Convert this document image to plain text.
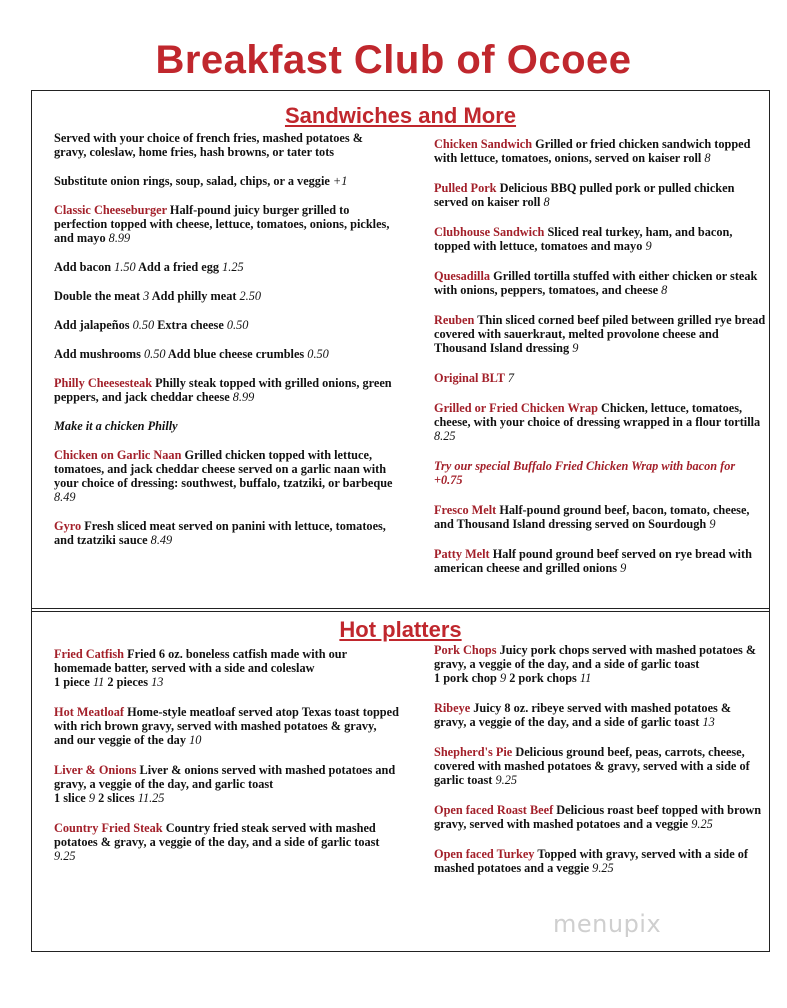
Breakfast Club of Ocoee
Sandwiches and More

Served with your choice of french fries, mashed potatoes & gravy, coleslaw, home fries, hash browns, or tater tots

Substitute onion rings, soup, salad, chips, or a veggie +1

Classic Cheeseburger Half-pound juicy burger grilled to perfection topped with cheese, lettuce, tomatoes, onions, pickles, and mayo 8.99

Add bacon 1.50 Add a fried egg 1.25

Double the meat 3 Add philly meat 2.50

Add jalapeños 0.50 Extra cheese 0.50

Add mushrooms 0.50 Add blue cheese crumbles 0.50

Philly Cheesesteak Philly steak topped with grilled onions, green peppers, and jack cheddar cheese 8.99

Make it a chicken Philly

Chicken on Garlic Naan Grilled chicken topped with lettuce, tomatoes, and jack cheddar cheese served on a garlic naan with your choice of dressing: southwest, buffalo, tzatziki, or barbeque 8.49

Gyro Fresh sliced meat served on panini with lettuce, tomatoes, and tzatziki sauce 8.49

Chicken Sandwich Grilled or fried chicken sandwich topped with lettuce, tomatoes, onions, served on kaiser roll 8

Pulled Pork Delicious BBQ pulled pork or pulled chicken served on kaiser roll 8

Clubhouse Sandwich Sliced real turkey, ham, and bacon, topped with lettuce, tomatoes and mayo 9

Quesadilla Grilled tortilla stuffed with either chicken or steak with onions, peppers, tomatoes, and cheese 8

Reuben Thin sliced corned beef piled between grilled rye bread covered with sauerkraut, melted provolone cheese and Thousand Island dressing 9

Original BLT 7

Grilled or Fried Chicken Wrap Chicken, lettuce, tomatoes, cheese, with your choice of dressing wrapped in a flour tortilla 8.25

Try our special Buffalo Fried Chicken Wrap with bacon for +0.75

Fresco Melt Half-pound ground beef, bacon, tomato, cheese, and Thousand Island dressing served on Sourdough 9

Patty Melt Half pound ground beef served on rye bread with american cheese and grilled onions 9

Hot platters

Fried Catfish Fried 6 oz. boneless catfish made with our homemade batter, served with a side and coleslaw
1 piece 11 2 pieces 13

Hot Meatloaf Home-style meatloaf served atop Texas toast topped with rich brown gravy, served with mashed potatoes & gravy, and our veggie of the day 10

Liver & Onions Liver & onions served with mashed potatoes and gravy, a veggie of the day, and garlic toast
1 slice 9 2 slices 11.25

Country Fried Steak Country fried steak served with mashed potatoes & gravy, a veggie of the day, and a side of garlic toast 9.25

Pork Chops Juicy pork chops served with mashed potatoes & gravy, a veggie of the day, and a side of garlic toast
1 pork chop 9 2 pork chops 11

Ribeye Juicy 8 oz. ribeye served with mashed potatoes & gravy, a veggie of the day, and a side of garlic toast 13

Shepherd's Pie Delicious ground beef, peas, carrots, cheese, covered with mashed potatoes & gravy, served with a side of garlic toast 9.25

Open faced Roast Beef Delicious roast beef topped with brown gravy, served with mashed potatoes and a veggie 9.25

Open faced Turkey Topped with gravy, served with a side of mashed potatoes and a veggie 9.25

menupix
